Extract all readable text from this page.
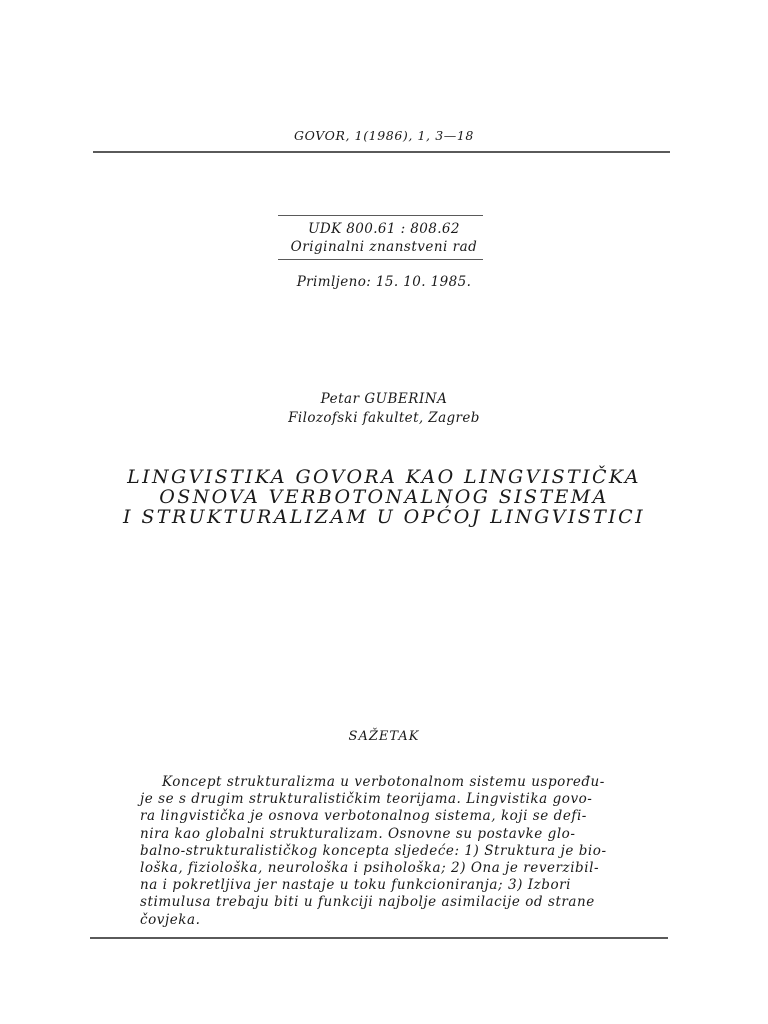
GOVOR, 1(1986), 1, 3—18
UDK 800.61 : 808.62
Originalni znanstveni rad
Primljeno: 15. 10. 1985.
Petar GUBERINA
Filozofski fakultet, Zagreb
LINGVISTIKA GOVORA KAO LINGVISTIČKA
OSNOVA VERBOTONALNOG SISTEMA
I STRUKTURALIZAM U OPĆOJ LINGVISTICI
SAŽETAK
Koncept strukturalizma u verbotonalnom sistemu uspoređu-
je se s drugim strukturalističkim teorijama. Lingvistika govo-
ra lingvistička je osnova verbotonalnog sistema, koji se defi-
nira kao globalni strukturalizam. Osnovne su postavke glo-
balno-strukturalističkog koncepta sljedeće: 1) Struktura je bio-
loška, fiziološka, neurološka i psihološka; 2) Ona je reverzibil-
na i pokretljiva jer nastaje u toku funkcioniranja; 3) Izbori
stimulusa trebaju biti u funkciji najbolje asimilacije od strane
čovjeka.
